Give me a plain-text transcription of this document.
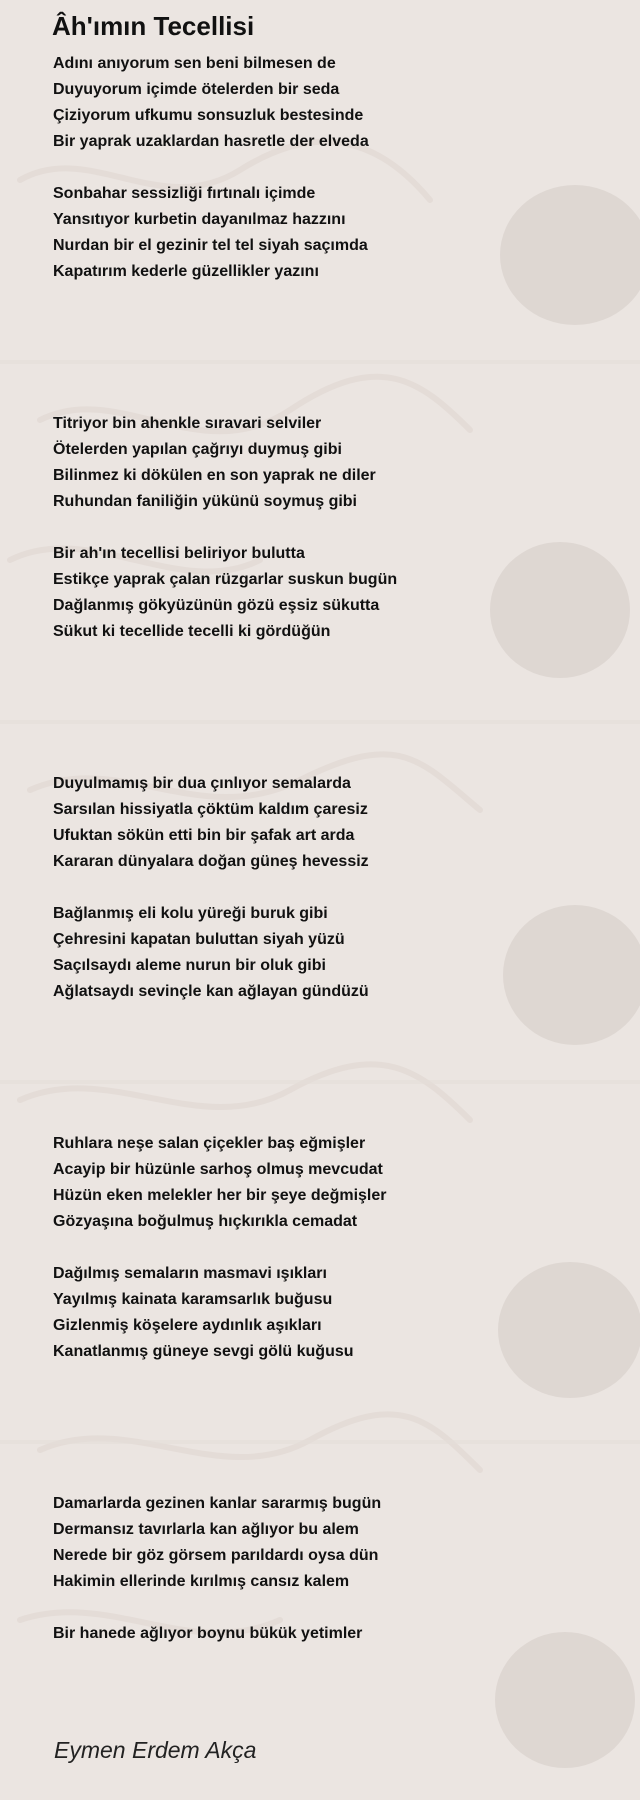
Âh'ımın Tecellisi
Adını anıyorum sen beni bilmesen de
Duyuyorum içimde ötelerden bir seda
Çiziyorum ufkumu sonsuzluk bestesinde
Bir yaprak uzaklardan hasretle der elveda
Sonbahar sessizliği fırtınalı içimde
Yansıtıyor kurbetin dayanılmaz hazzını
Nurdan bir el gezinir tel tel siyah saçımda
Kapatırım kederle güzellikler yazını
Titriyor bin ahenkle sıravari selviler
Ötelerden yapılan çağrıyı duymuş gibi
Bilinmez ki dökülen en son yaprak ne diler
Ruhundan faniliğin yükünü soymuş gibi
Bir ah'ın tecellisi beliriyor bulutta
Estikçe yaprak çalan rüzgarlar suskun bugün
Dağlanmış gökyüzünün gözü eşsiz sükutta
Sükut ki tecellide tecelli ki gördüğün
Duyulmamış bir dua çınlıyor semalarda
Sarsılan hissiyatla çöktüm kaldım çaresiz
Ufuktan sökün etti bin bir şafak art arda
Kararan dünyalara doğan güneş hevessiz
Bağlanmış eli kolu yüreği buruk gibi
Çehresini kapatan buluttan siyah yüzü
Saçılsaydı aleme nurun bir oluk gibi
Ağlatsaydı sevinçle kan ağlayan gündüzü
Ruhlara neşe salan çiçekler baş eğmişler
Acayip bir hüzünle sarhoş olmuş mevcudat
Hüzün eken melekler her bir şeye değmişler
Gözyaşına boğulmuş hıçkırıkla cemadat
Dağılmış semaların masmavi ışıkları
Yayılmış kainata karamsarlık buğusu
Gizlenmiş köşelere aydınlık aşıkları
Kanatlanmış güneye sevgi gölü kuğusu
Damarlarda gezinen kanlar sararmış bugün
Dermansız tavırlarla kan ağlıyor bu alem
Nerede bir göz görsem parıldardı oysa dün
Hakimin ellerinde kırılmış cansız kalem
Bir hanede ağlıyor boynu bükük yetimler
Eymen Erdem Akça
